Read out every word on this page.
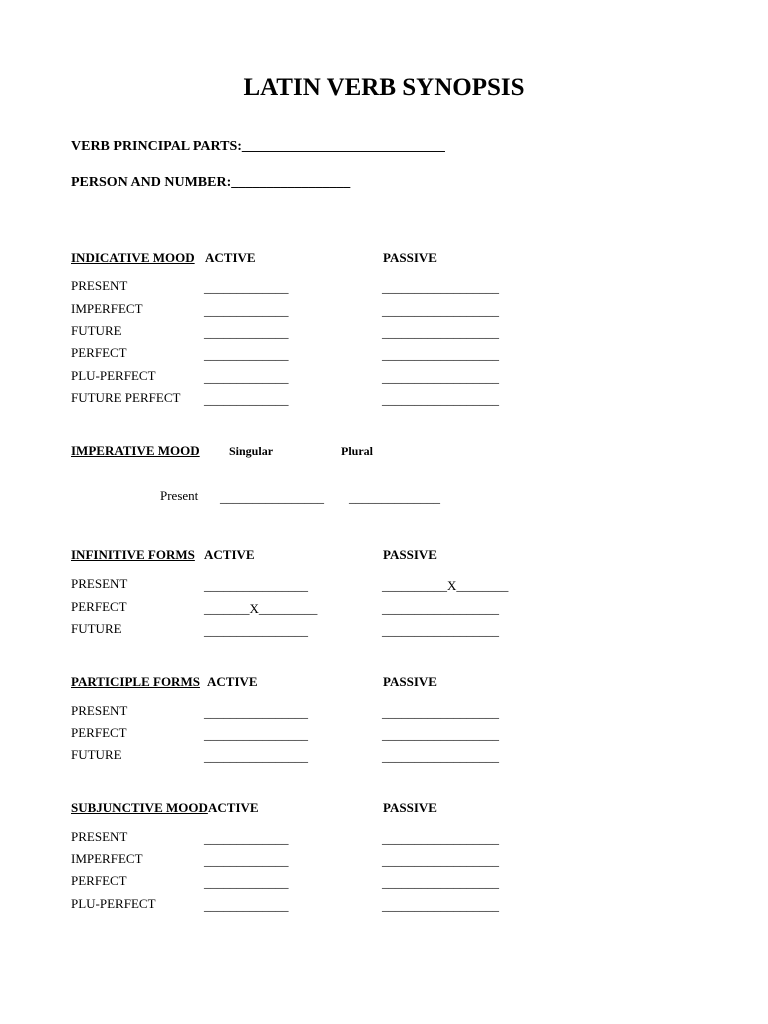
LATIN VERB SYNOPSIS
VERB PRINCIPAL PARTS:_____________________________
PERSON AND NUMBER:_________________
INDICATIVE MOOD ACTIVE	PASSIVE
PRESENT	_____________	__________________
IMPERFECT	_____________	__________________
FUTURE	_____________	__________________
PERFECT	_____________	__________________
PLU-PERFECT	_____________	__________________
FUTURE PERFECT _____________	__________________
IMPERATIVE MOOD Singular	Plural
Present ________________ ______________
INFINITIVE FORMS ACTIVE	PASSIVE
PRESENT	________________	__________X________
PERFECT	_______X_________	__________________
FUTURE	________________	__________________
PARTICIPLE FORMS ACTIVE	PASSIVE
PRESENT	________________	__________________
PERFECT	________________	__________________
FUTURE	________________	__________________
SUBJUNCTIVE MOOD ACTIVE	PASSIVE
PRESENT	_____________	__________________
IMPERFECT	_____________	__________________
PERFECT	_____________	__________________
PLU-PERFECT	_____________	__________________
